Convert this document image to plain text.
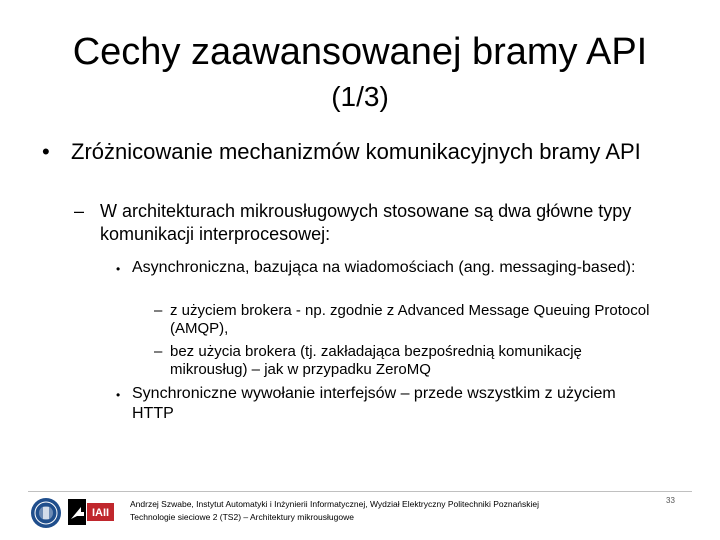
Cechy zaawansowanej bramy API
(1/3)
• Zróżnicowanie mechanizmów komunikacyjnych bramy API
– W architekturach mikrousługowych stosowane są dwa główne typy komunikacji interprocesowej:
• Asynchroniczna, bazująca na wiadomościach (ang. messaging-based):
– z użyciem brokera - np. zgodnie z Advanced Message Queuing Protocol (AMQP),
– bez użycia brokera (tj. zakładająca bezpośrednią komunikację mikrousług) – jak w przypadku ZeroMQ
• Synchroniczne wywołanie interfejsów – przede wszystkim z użyciem HTTP
IAII
Andrzej Szwabe, Instytut Automatyki i Inżynierii Informatycznej, Wydział Elektryczny Politechniki Poznańskiej
Technologie sieciowe 2 (TS2) – Architektury mikrousługowe
33
